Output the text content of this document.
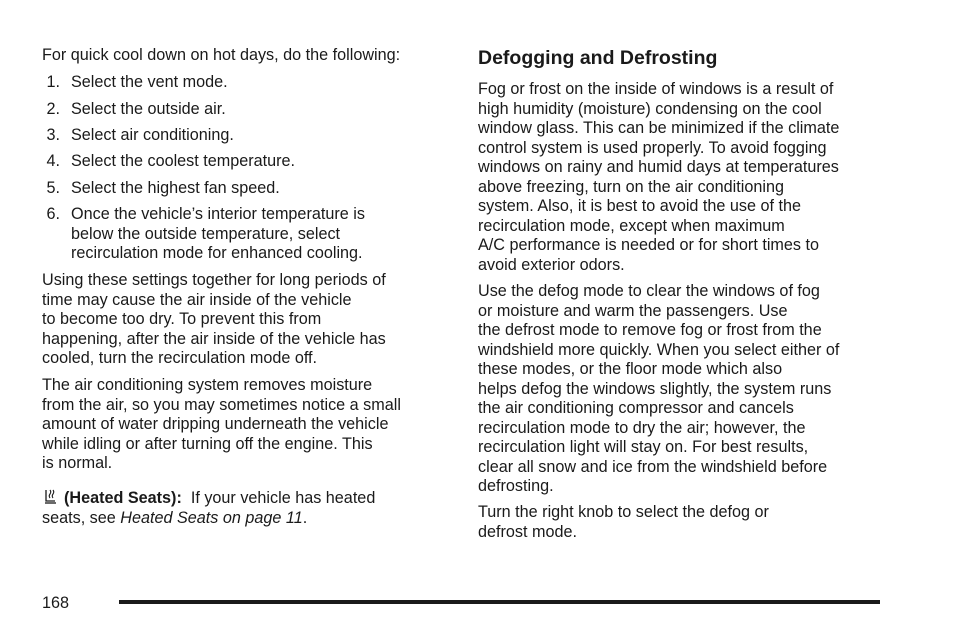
For quick cool down on hot days, do the following:

1. Select the vent mode.
2. Select the outside air.
3. Select air conditioning.
4. Select the coolest temperature.
5. Select the highest fan speed.
6. Once the vehicle’s interior temperature is
below the outside temperature, select
recirculation mode for enhanced cooling.

Using these settings together for long periods of

time may cause the air inside of the vehicle

to become too dry. To prevent this from

happening, after the air inside of the vehicle has

cooled, turn the recirculation mode off.

The air conditioning system removes moisture

from the air, so you may sometimes notice a small

amount of water dripping underneath the vehicle

while idling or after turning off the engine. This

is normal.

(Heated Seats): If your vehicle has heated

seats, see Heated Seats on page 11.

Defogging and Defrosting

Fog or frost on the inside of windows is a result of

high humidity (moisture) condensing on the cool

window glass. This can be minimized if the climate

control system is used properly. To avoid fogging

windows on rainy and humid days at temperatures

above freezing, turn on the air conditioning

system. Also, it is best to avoid the use of the

recirculation mode, except when maximum

A/C performance is needed or for short times to

avoid exterior odors.

Use the defog mode to clear the windows of fog

or moisture and warm the passengers. Use

the defrost mode to remove fog or frost from the

windshield more quickly. When you select either of

these modes, or the floor mode which also

helps defog the windows slightly, the system runs

the air conditioning compressor and cancels

recirculation mode to dry the air; however, the

recirculation light will stay on. For best results,

clear all snow and ice from the windshield before

defrosting.

Turn the right knob to select the defog or

defrost mode.

168
